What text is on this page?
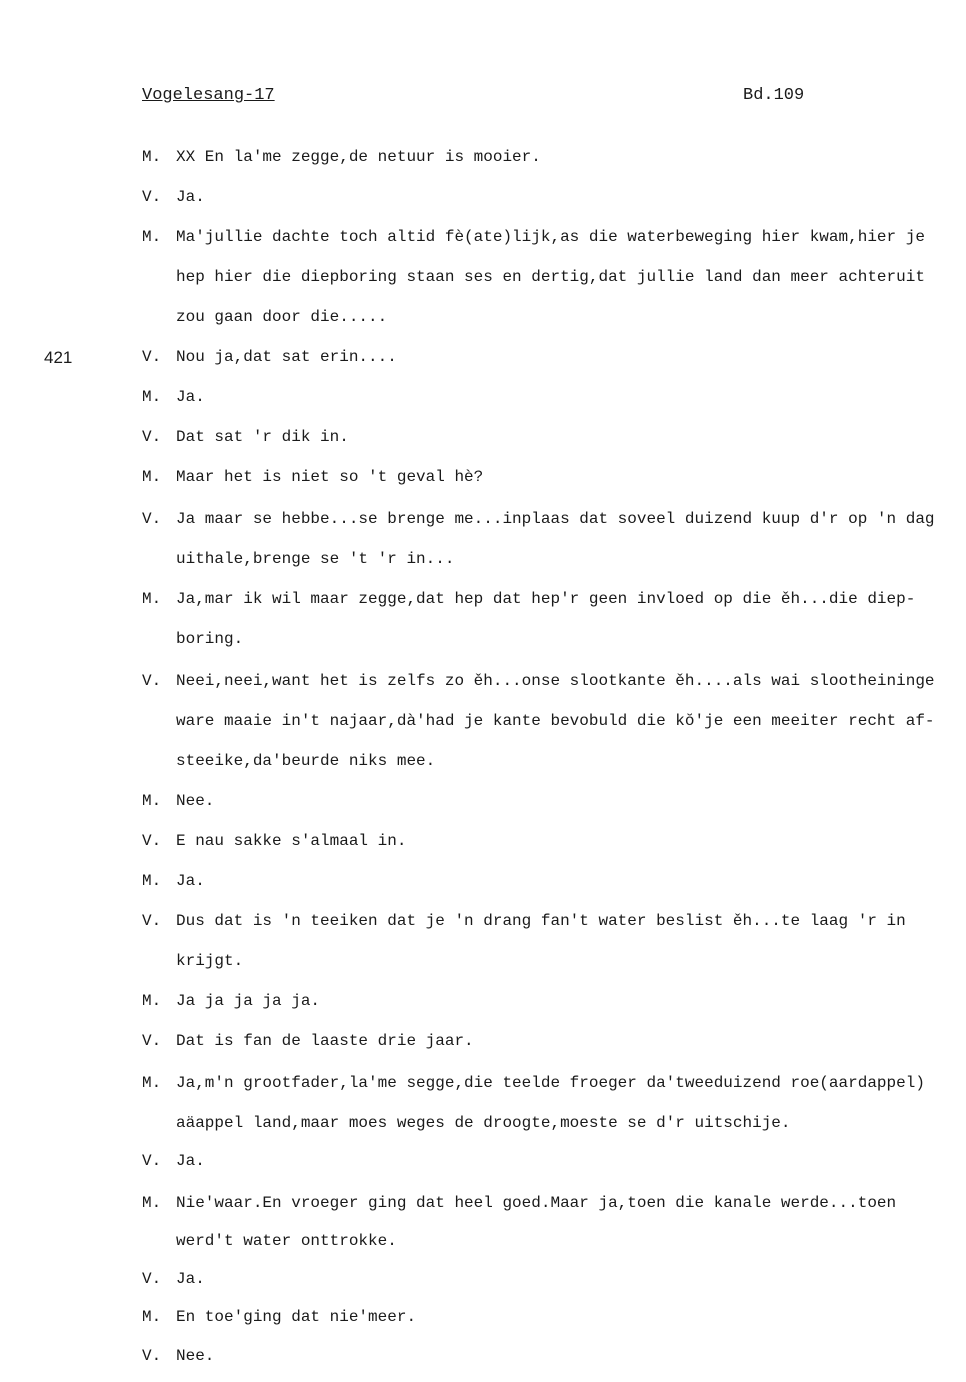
Vogelesang-17	Bd.109
421
M. XX En la'me zegge,de netuur is mooier.
V. Ja.
M. Ma'jullie dachte toch altid fè(ate)lijk,as die waterbeweging hier kwam,hier je
hep hier die diepboring staan ses en dertig,dat jullie land dan meer achteruit
zou gaan door die.....
V. Nou ja,dat sat erin....
M. Ja.
V. Dat sat 'r dik in.
M. Maar het is niet so 't geval hè?
V. Ja maar se hebbe...se brenge me...inplaas dat soveel duizend kuup d'r op 'n dag
uithale,brenge se 't 'r in...
M. Ja,mar ik wil maar zegge,dat hep dat hep'r geen invloed op die ěh...die diep-
boring.
V. Neei,neei,want het is zelfs zo ěh...onse slootkante ěh....als wai slootheininge
ware maaie in't najaar,dà'had je kante bevobuld die kŏ'je een meeiter recht af-
steeike,da'beurde niks mee.
M. Nee.
V. E nau sakke s'almaal in.
M. Ja.
V. Dus dat is 'n teeiken dat je 'n drang fan't water beslist ěh...te laag 'r in
krijgt.
M. Ja ja ja ja ja.
V. Dat is fan de laaste drie jaar.
M. Ja,m'n grootfader,la'me segge,die teelde froeger da'tweeduizend roe(aardappel)
aäappel land,maar moes weges de droogte,moeste se d'r uitschije.
V. Ja.
M. Nie'waar.En vroeger ging dat heel goed.Maar ja,toen die kanale werde...toen
werd't water onttrokke.
V. Ja.
M. En toe'ging dat nie'meer.
V. Nee.
